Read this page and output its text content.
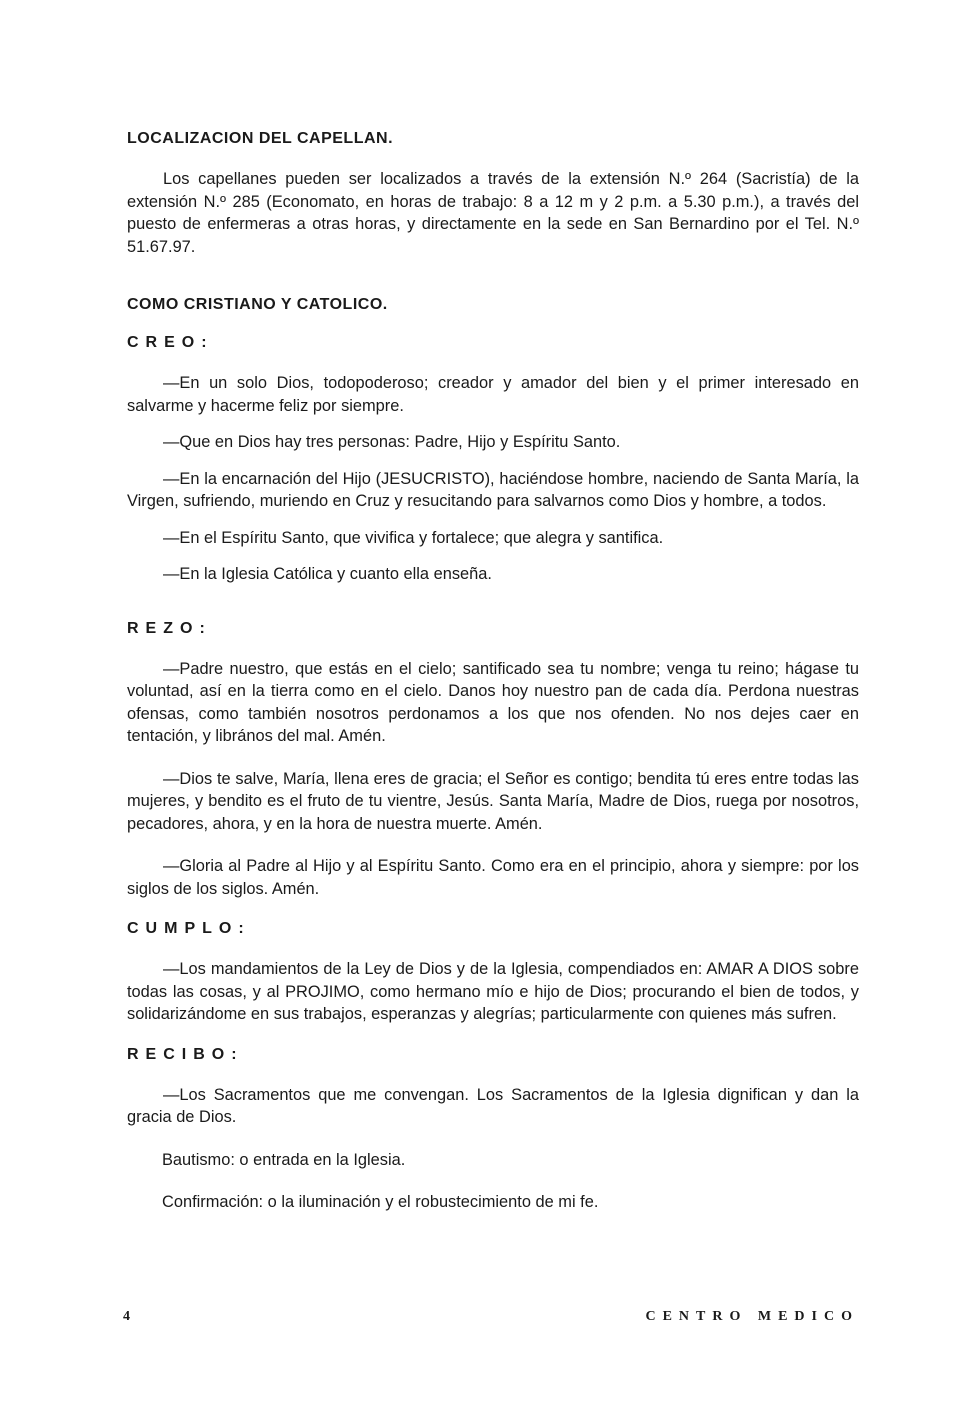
LOCALIZACION DEL CAPELLAN.

Los capellanes pueden ser localizados a través de la extensión N.º 264 (Sacristía) de la extensión N.º 285 (Economato, en horas de trabajo: 8 a 12 m y 2 p.m. a 5.30 p.m.), a través del puesto de enfermeras a otras horas, y directamente en la sede en San Bernardino por el Tel. N.º 51.67.97.

COMO CRISTIANO Y CATOLICO.
CREO:

—En un solo Dios, todopoderoso; creador y amador del bien y el primer interesado en salvarme y hacerme feliz por siempre.

—Que en Dios hay tres personas: Padre, Hijo y Espíritu Santo.

—En la encarnación del Hijo (JESUCRISTO), haciéndose hombre, naciendo de Santa María, la Virgen, sufriendo, muriendo en Cruz y resucitando para salvarnos como Dios y hombre, a todos.

—En el Espíritu Santo, que vivifica y fortalece; que alegra y santifica.

—En la Iglesia Católica y cuanto ella enseña.

REZO:

—Padre nuestro, que estás en el cielo; santificado sea tu nombre; venga tu reino; hágase tu voluntad, así en la tierra como en el cielo. Danos hoy nuestro pan de cada día. Perdona nuestras ofensas, como también nosotros perdonamos a los que nos ofenden. No nos dejes caer en tentación, y librános del mal. Amén.

—Dios te salve, María, llena eres de gracia; el Señor es contigo; bendita tú eres entre todas las mujeres, y bendito es el fruto de tu vientre, Jesús. Santa María, Madre de Dios, ruega por nosotros, pecadores, ahora, y en la hora de nuestra muerte. Amén.

—Gloria al Padre al Hijo y al Espíritu Santo. Como era en el principio, ahora y siempre: por los siglos de los siglos. Amén.

CUMPLO:

—Los mandamientos de la Ley de Dios y de la Iglesia, compendiados en: AMAR A DIOS sobre todas las cosas, y al PROJIMO, como hermano mío e hijo de Dios; procurando el bien de todos, y solidarizándome en sus trabajos, esperanzas y alegrías; particularmente con quienes más sufren.

RECIBO:

—Los Sacramentos que me convengan. Los Sacramentos de la Iglesia dignifican y dan la gracia de Dios.

Bautismo: o entrada en la Iglesia.

Confirmación: o la iluminación y el robustecimiento de mi fe.

4	CENTRO MEDICO
